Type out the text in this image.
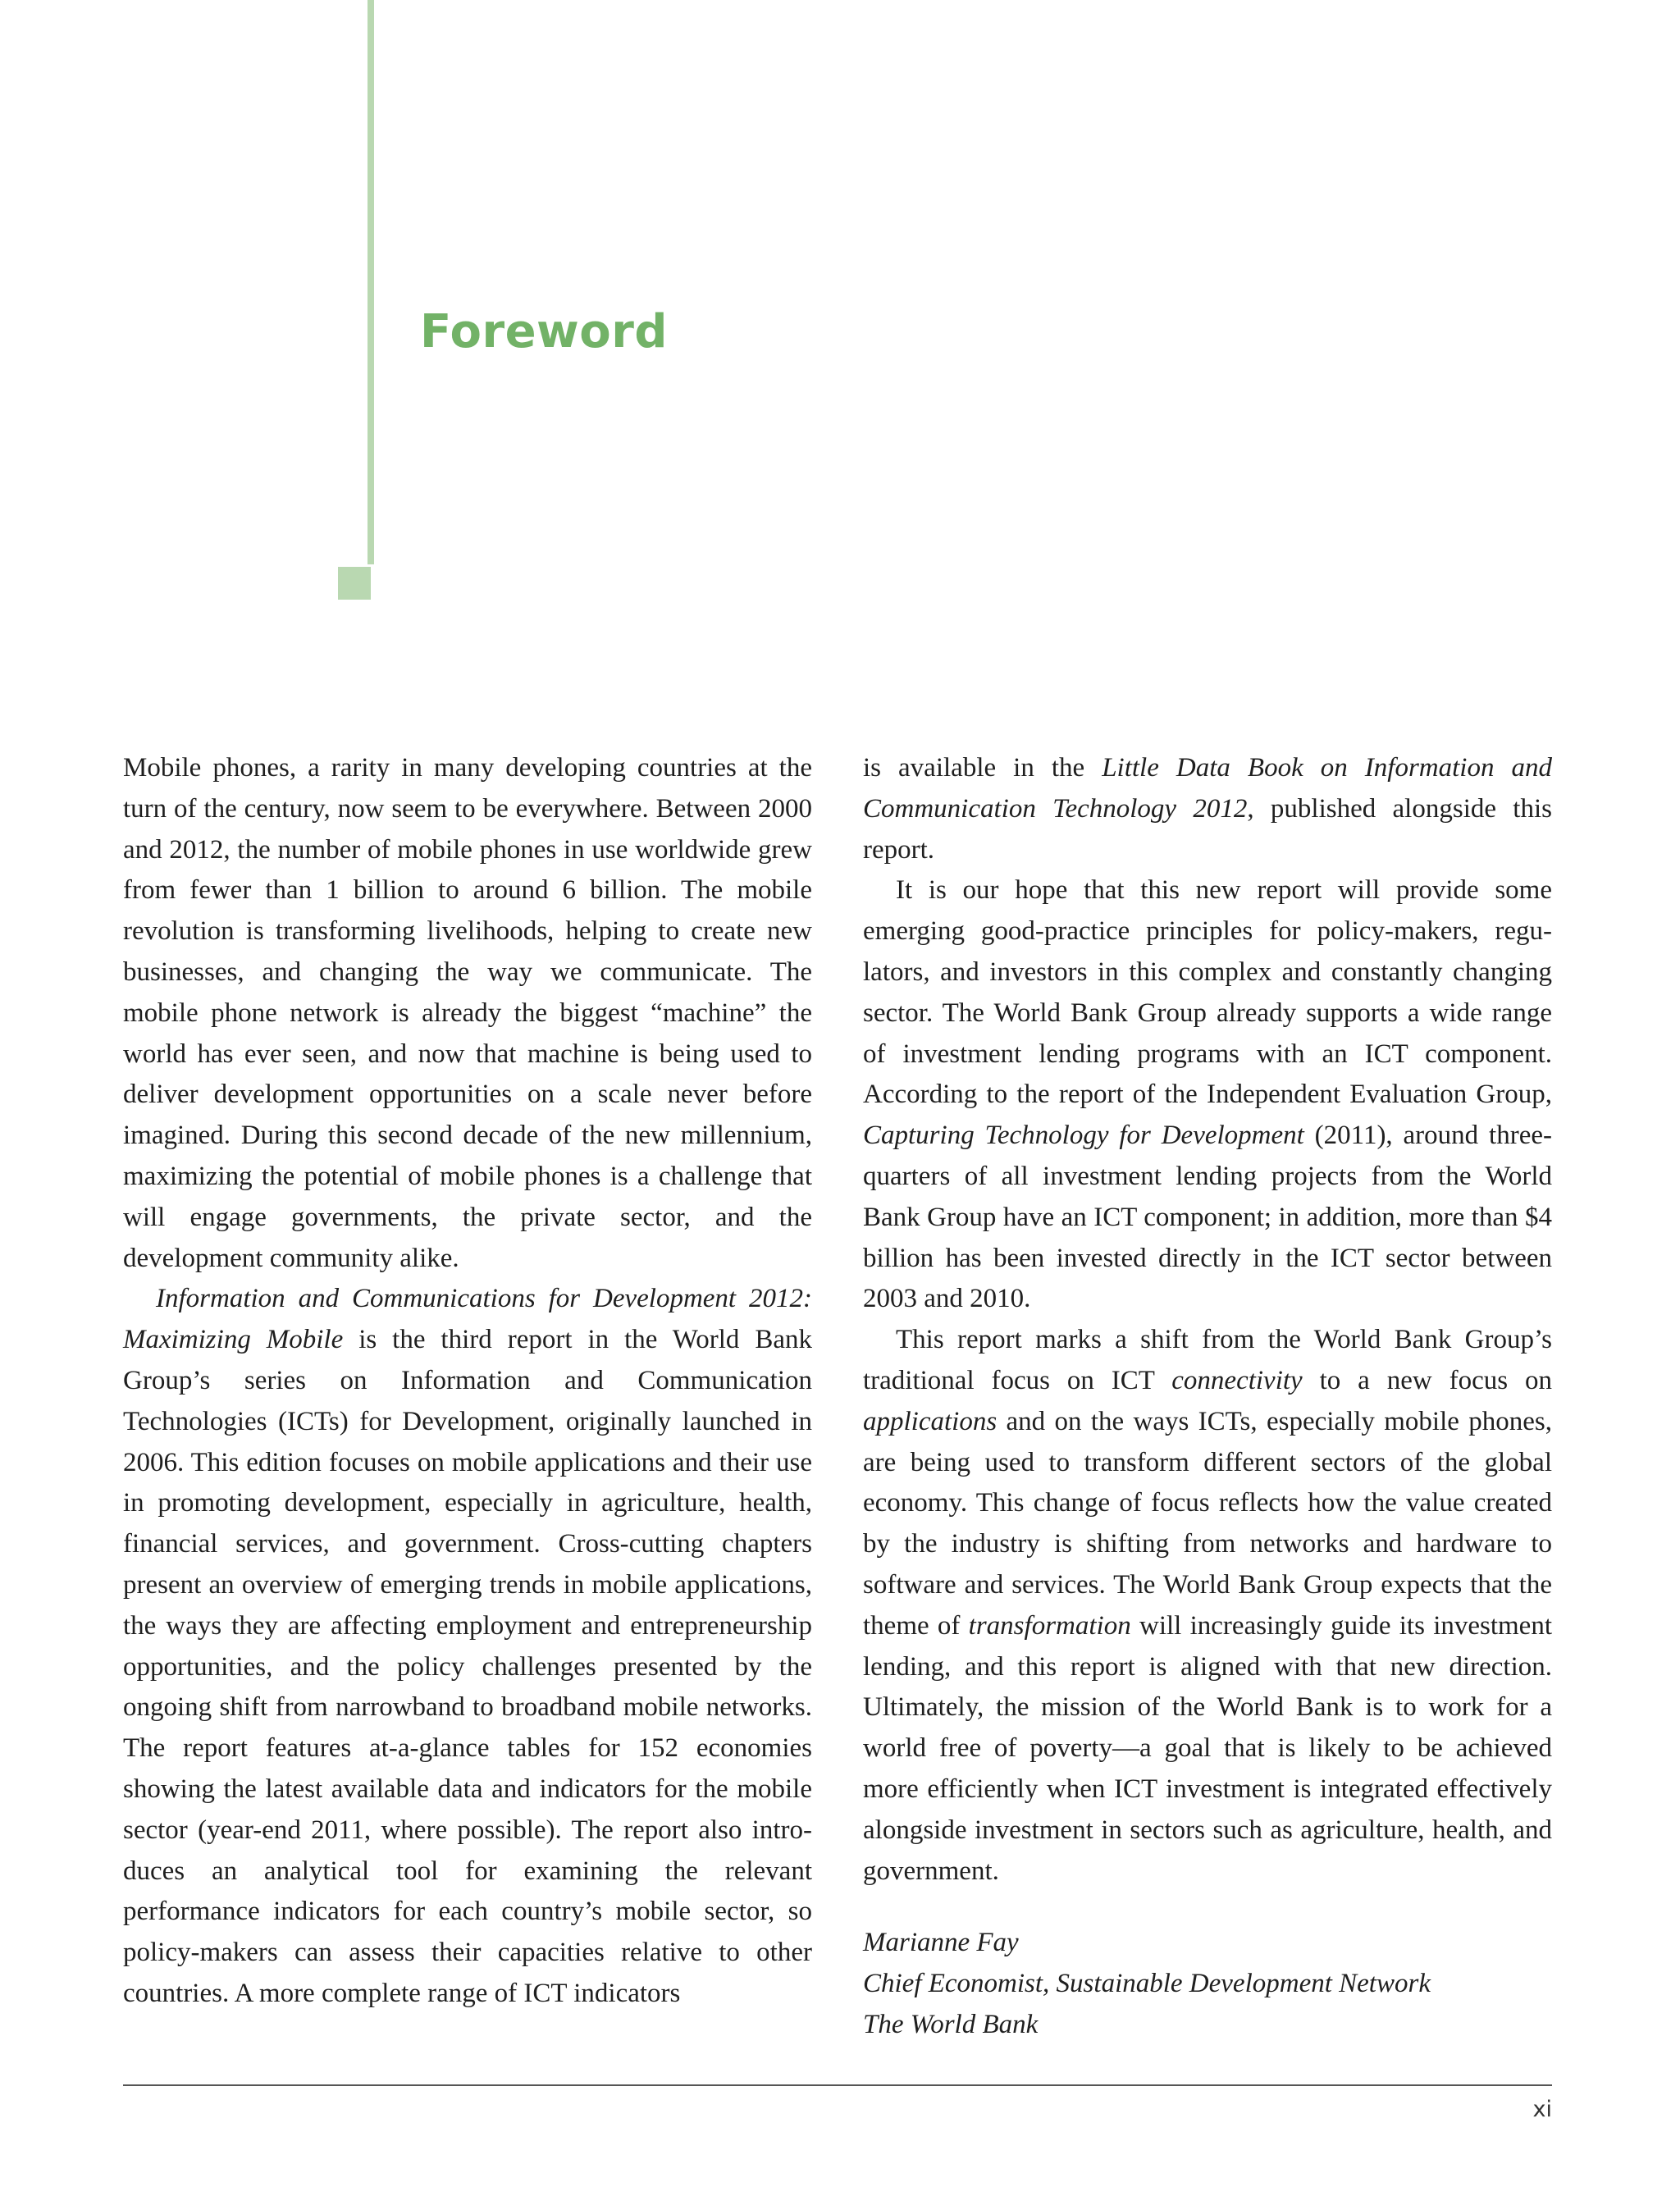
Foreword

Mobile phones, a rarity in many developing countries at the turn of the century, now seem to be everywhere. Between 2000 and 2012, the number of mobile phones in use worldwide grew from fewer than 1 billion to around 6 billion. The mobile revolution is transforming livelihoods, helping to create new businesses, and changing the way we communicate. The mobile phone network is already the biggest “machine” the world has ever seen, and now that machine is being used to deliver development opportunities on a scale never before imagined. During this second decade of the new millennium, maximizing the potential of mobile phones is a challenge that will engage governments, the private sector, and the development community alike.

Information and Communications for Development 2012: Maximizing Mobile is the third report in the World Bank Group’s series on Information and Communication Technologies (ICTs) for Development, originally launched in 2006. This edition focuses on mobile applications and their use in promoting development, especially in agriculture, health, financial services, and government. Cross-cutting chapters present an overview of emerging trends in mobile applications, the ways they are affecting employment and entrepreneurship opportunities, and the policy challenges presented by the ongoing shift from narrowband to broadband mobile networks. The report features at-a-glance tables for 152 economies showing the latest available data and indicators for the mobile sector (year-end 2011, where possible). The report also introduces an analytical tool for examining the relevant performance indicators for each country’s mobile sector, so policy-makers can assess their capacities relative to other countries. A more complete range of ICT indicators

is available in the Little Data Book on Information and Communication Technology 2012, published alongside this report.

It is our hope that this new report will provide some emerging good-practice principles for policy-makers, regulators, and investors in this complex and constantly changing sector. The World Bank Group already supports a wide range of investment lending programs with an ICT component. According to the report of the Independent Evaluation Group, Capturing Technology for Development (2011), around three-quarters of all investment lending projects from the World Bank Group have an ICT component; in addition, more than $4 billion has been invested directly in the ICT sector between 2003 and 2010.

This report marks a shift from the World Bank Group’s traditional focus on ICT connectivity to a new focus on applications and on the ways ICTs, especially mobile phones, are being used to transform different sectors of the global economy. This change of focus reflects how the value created by the industry is shifting from networks and hardware to software and services. The World Bank Group expects that the theme of transformation will increasingly guide its investment lending, and this report is aligned with that new direction. Ultimately, the mission of the World Bank is to work for a world free of poverty—a goal that is likely to be achieved more efficiently when ICT investment is integrated effectively alongside investment in sectors such as agriculture, health, and government.

Marianne Fay
Chief Economist, Sustainable Development Network
The World Bank
xi
